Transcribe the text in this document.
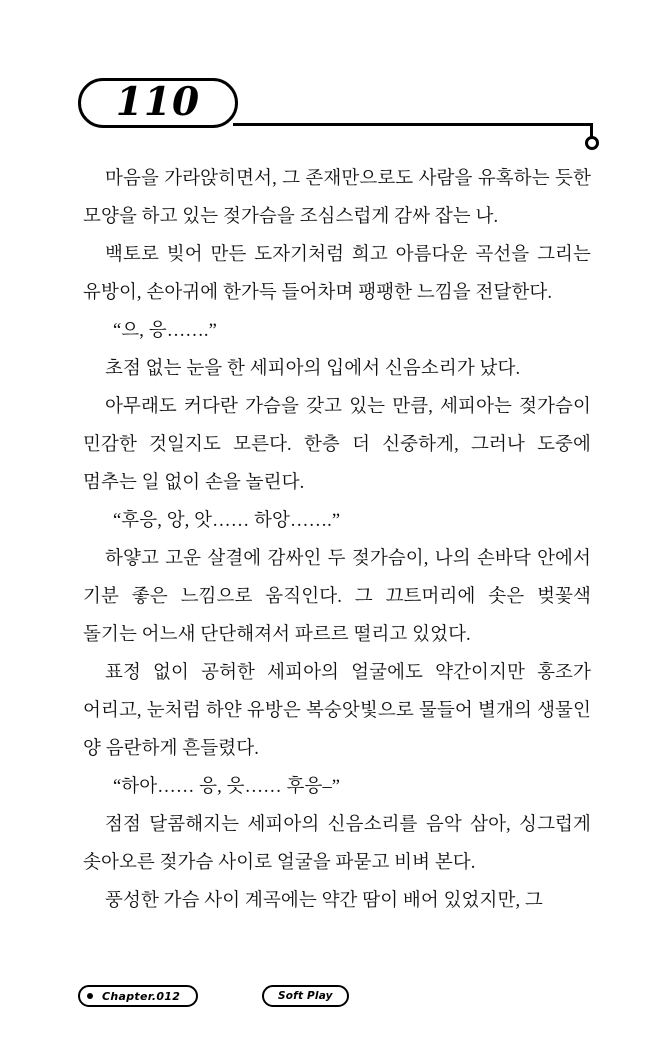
110

마음을 가라앉히면서, 그 존재만으로도 사람을 유혹하는 듯한 모양을 하고 있는 젖가슴을 조심스럽게 감싸 잡는 나.

백토로 빚어 만든 도자기처럼 희고 아름다운 곡선을 그리는 유방이, 손아귀에 한가득 들어차며 팽팽한 느낌을 전달한다.

“으, 응…….”

초점 없는 눈을 한 세피아의 입에서 신음소리가 났다.

아무래도 커다란 가슴을 갖고 있는 만큼, 세피아는 젖가슴이 민감한 것일지도 모른다. 한층 더 신중하게, 그러나 도중에 멈추는 일 없이 손을 놀린다.

“후응, 앙, 앗…… 하앙…….”

하얗고 고운 살결에 감싸인 두 젖가슴이, 나의 손바닥 안에서 기분 좋은 느낌으로 움직인다. 그 끄트머리에 솟은 벚꽃색 돌기는 어느새 단단해져서 파르르 떨리고 있었다.

표정 없이 공허한 세피아의 얼굴에도 약간이지만 홍조가 어리고, 눈처럼 하얀 유방은 복숭앗빛으로 물들어 별개의 생물인 양 음란하게 흔들렸다.

“하아…… 응, 읏…… 후응–”

점점 달콤해지는 세피아의 신음소리를 음악 삼아, 싱그럽게 솟아오른 젖가슴 사이로 얼굴을 파묻고 비벼 본다.

풍성한 가슴 사이 계곡에는 약간 땀이 배어 있었지만, 그

Chapter.012	Soft Play
